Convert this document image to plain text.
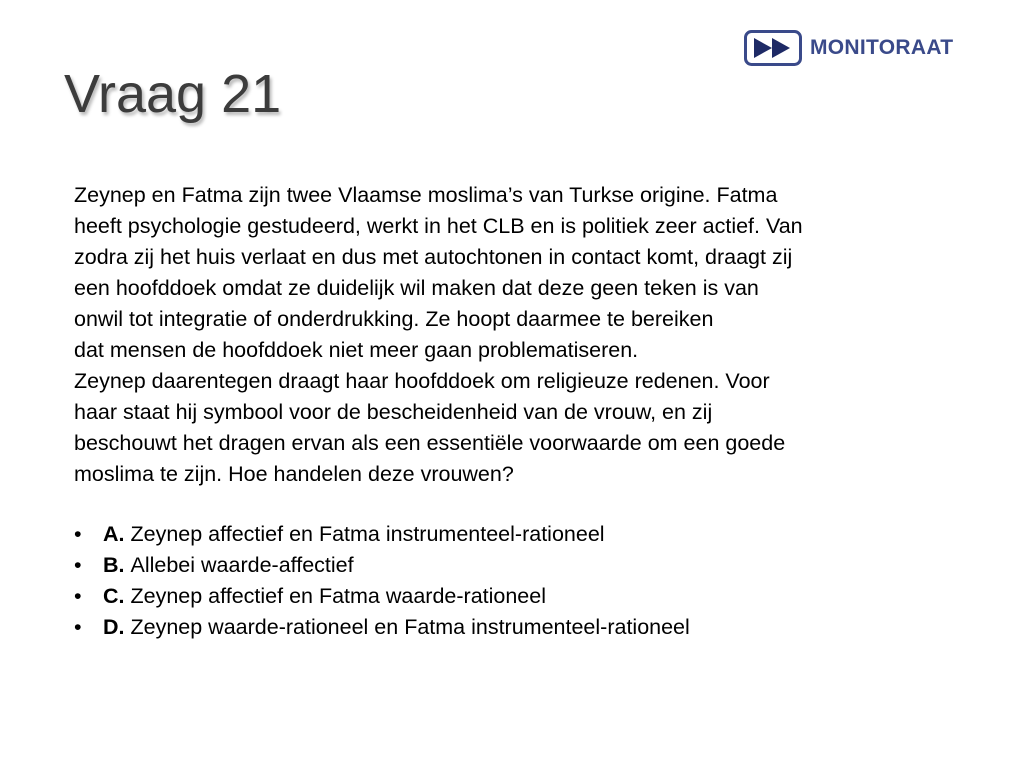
MONITORAAT
Vraag 21

Zeynep en Fatma zijn twee Vlaamse moslima’s van Turkse origine. Fatma
heeft psychologie gestudeerd, werkt in het CLB en is politiek zeer actief. Van
zodra zij het huis verlaat en dus met autochtonen in contact komt, draagt zij
een hoofddoek omdat ze duidelijk wil maken dat deze geen teken is van
onwil tot integratie of onderdrukking. Ze hoopt daarmee te bereiken
dat mensen de hoofddoek niet meer gaan problematiseren.
Zeynep daarentegen draagt haar hoofddoek om religieuze redenen. Voor
haar staat hij symbool voor de bescheidenheid van de vrouw, en zij
beschouwt het dragen ervan als een essentiële voorwaarde om een goede
moslima te zijn. Hoe handelen deze vrouwen?

• A. Zeynep affectief en Fatma instrumenteel-rationeel
• B. Allebei waarde-affectief
• C. Zeynep affectief en Fatma waarde-rationeel
• D. Zeynep waarde-rationeel en Fatma instrumenteel-rationeel
